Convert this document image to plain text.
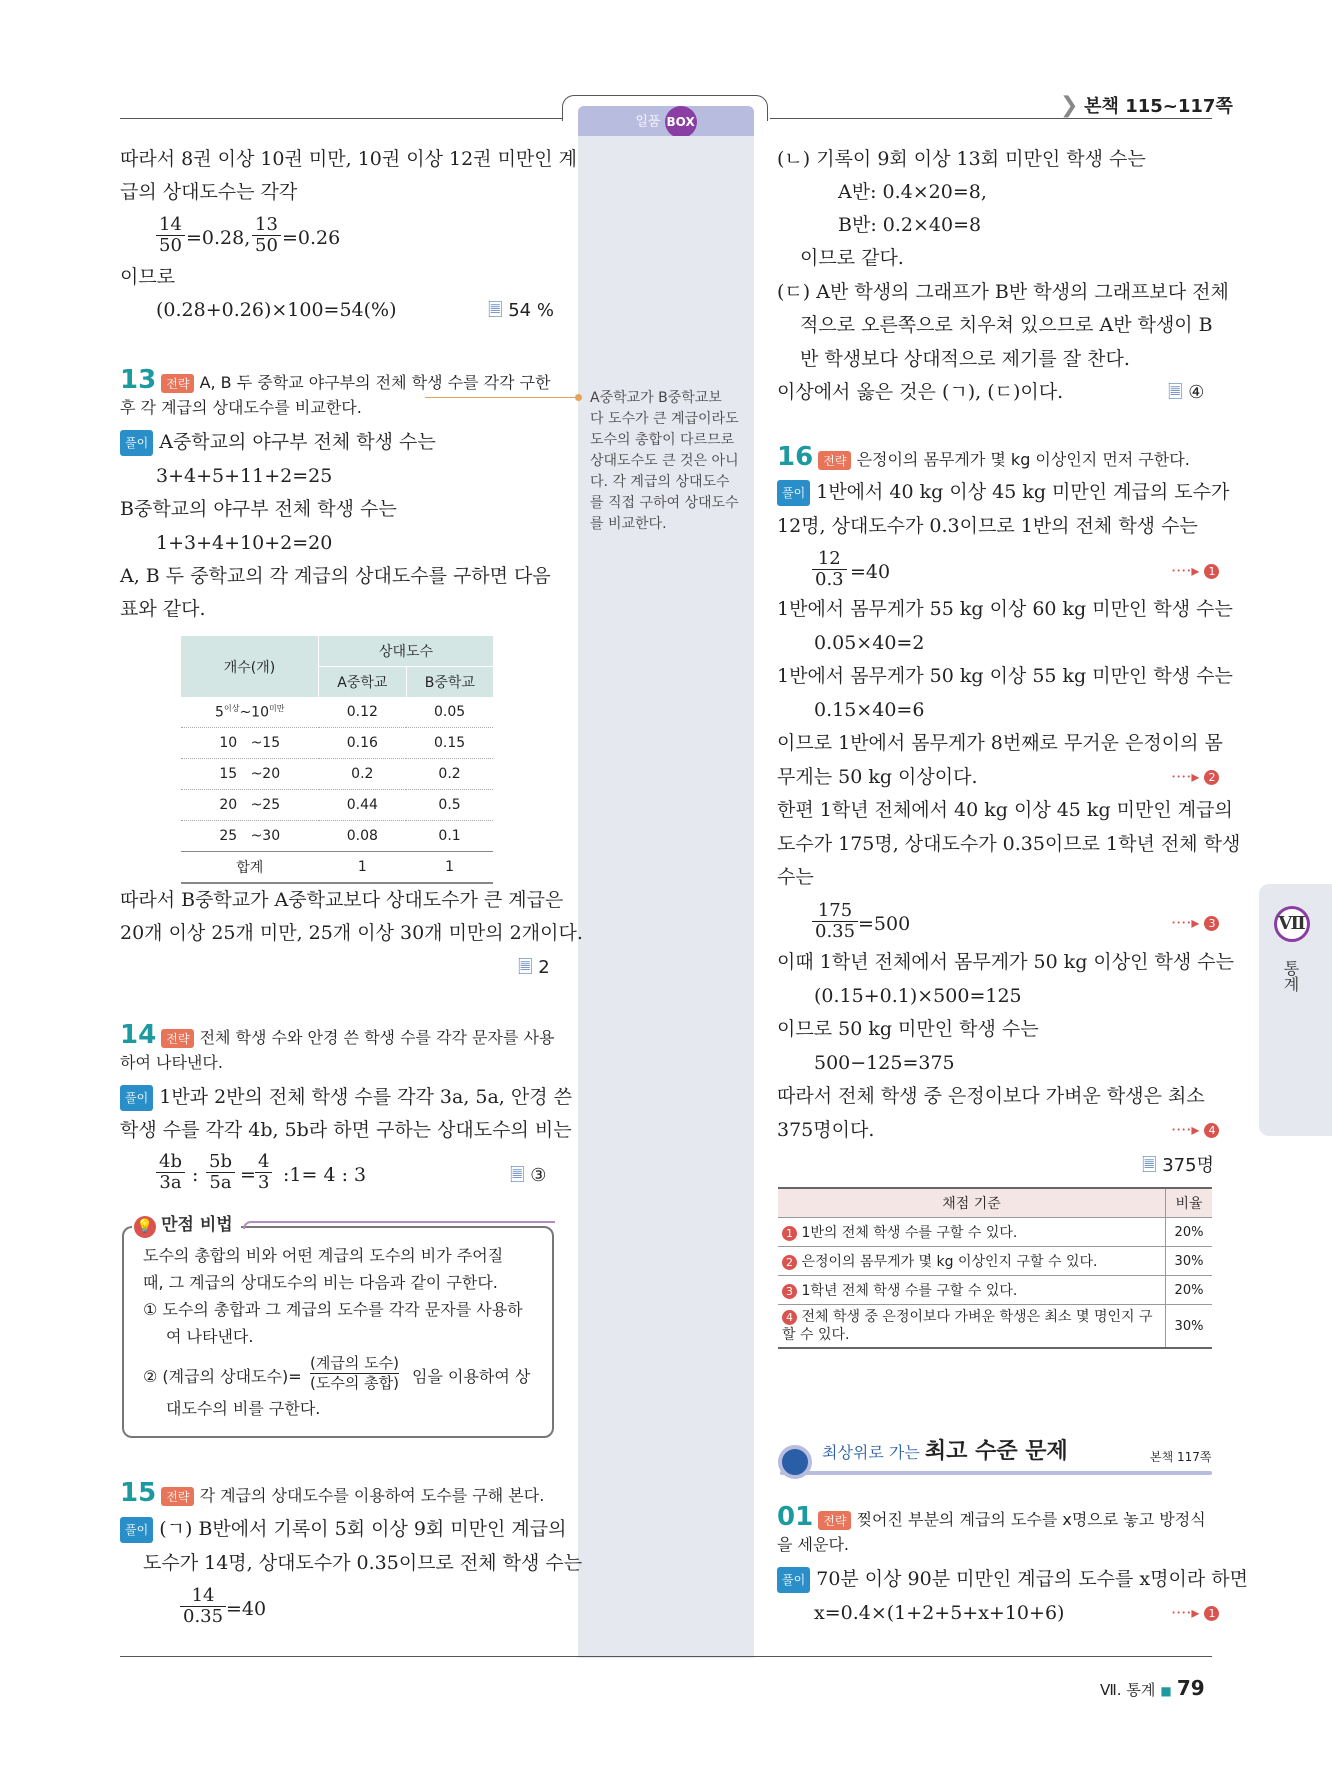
일품 BOX
❯ 본책 115~117쪽
A중학교가 B중학교보
다 도수가 큰 계급이라도
도수의 총합이 다르므로
상대도수도 큰 것은 아니
다. 각 계급의 상대도수
를 직접 구하여 상대도수
를 비교한다.
따라서 8권 이상 10권 미만, 10권 이상 12권 미만인 계
급의 상대도수는 각각
$\frac{14}{50} =0.28$, $\frac{13}{50} =0.26$
이므로
(0.28+0.26)×100=54(%)	🗏 54 %
13 전략 A, B 두 중학교 야구부의 전체 학생 수를 각각 구한
후 각 계급의 상대도수를 비교한다.
풀이 A중학교의 야구부 전체 학생 수는
3+4+5+11+2=25
B중학교의 야구부 전체 학생 수는
1+3+4+10+2=20
A, B 두 중학교의 각 계급의 상대도수를 구하면 다음
표와 같다.
개수(개)	상대도수	
	A중학교	B중학교
$5^{이상}\sim 10^{미만}$	0.12	0.05
10 ~15	0.16	0.15
15 ~20	0.2	0.2
20 ~25	0.44	0.5
25 ~30	0.08	0.1
합계	1	1
따라서 B중학교가 A중학교보다 상대도수가 큰 계급은
20개 이상 25개 미만, 25개 이상 30개 미만의 2개이다.
🗏 2
14 전략 전체 학생 수와 안경 쓴 학생 수를 각각 문자를 사용
하여 나타낸다.
풀이 1반과 2반의 전체 학생 수를 각각 3a, 5a, 안경 쓴
학생 수를 각각 4b, 5b라 하면 구하는 상대도수의 비는
$\frac{4b}{3a}$ : $\frac{5b}{5a} = \frac{4}{3}$ :1= 4 : 3	🗏 ③
💡 만점 비법
도수의 총합의 비와 어떤 계급의 도수의 비가 주어질
때, 그 계급의 상대도수의 비는 다음과 같이 구한다.
① 도수의 총합과 그 계급의 도수를 각각 문자를 사용하
여 나타낸다.
② (계급의 상대도수)=
(계급의 도수)
(도수의 총합) 임을 이용하여 상
대도수의 비를 구한다.
15 전략 각 계급의 상대도수를 이용하여 도수를 구해 본다.
풀이 (ㄱ) B반에서 기록이 5회 이상 9회 미만인 계급의
도수가 14명, 상대도수가 0.35이므로 전체 학생 수는
$\frac{14}{0.35} =40$
(ㄴ) 기록이 9회 이상 13회 미만인 학생 수는
A반: 0.4×20=8,
B반: 0.2×40=8
이므로 같다.
(ㄷ) A반 학생의 그래프가 B반 학생의 그래프보다 전체
적으로 오른쪽으로 치우쳐 있으므로 A반 학생이 B
반 학생보다 상대적으로 제기를 잘 찬다.
이상에서 옳은 것은 (ㄱ), (ㄷ)이다.	🗏 ④
16 전략 은정이의 몸무게가 몇 kg 이상인지 먼저 구한다.
풀이 1반에서 40 kg 이상 45 kg 미만인 계급의 도수가
12명, 상대도수가 0.3이므로 1반의 전체 학생 수는
$\frac{12}{0.3} =40$	····▸ 1
1반에서 몸무게가 55 kg 이상 60 kg 미만인 학생 수는
0.05×40=2
1반에서 몸무게가 50 kg 이상 55 kg 미만인 학생 수는
0.15×40=6
이므로 1반에서 몸무게가 8번째로 무거운 은정이의 몸
무게는 50 kg 이상이다.	····▸ 2
한편 1학년 전체에서 40 kg 이상 45 kg 미만인 계급의
도수가 175명, 상대도수가 0.35이므로 1학년 전체 학생
수는
$\frac{175}{0.35} =500$	····▸ 3
이때 1학년 전체에서 몸무게가 50 kg 이상인 학생 수는
(0.15+0.1)×500=125
이므로 50 kg 미만인 학생 수는
500−125=375
따라서 전체 학생 중 은정이보다 가벼운 학생은 최소
375명이다.	····▸ 4
🗏 375명
채점 기준	비율
1 1반의 전체 학생 수를 구할 수 있다.	20%
2 은정이의 몸무게가 몇 kg 이상인지 구할 수 있다.	30%
3 1학년 전체 학생 수를 구할 수 있다.	20%
4 전체 학생 중 은정이보다 가벼운 학생은 최소 몇 명인지 구할 수 있다.	30%
최상위로 가는 최고 수준 문제	본책 117쪽
01 전략 찢어진 부분의 계급의 도수를 x명으로 놓고 방정식
을 세운다.
풀이 70분 이상 90분 미만인 계급의 도수를 x명이라 하면
x=0.4×(1+2+5+x+10+6)	····▸ 1
Ⅶ
통계
Ⅶ. 통계 ■ 79
